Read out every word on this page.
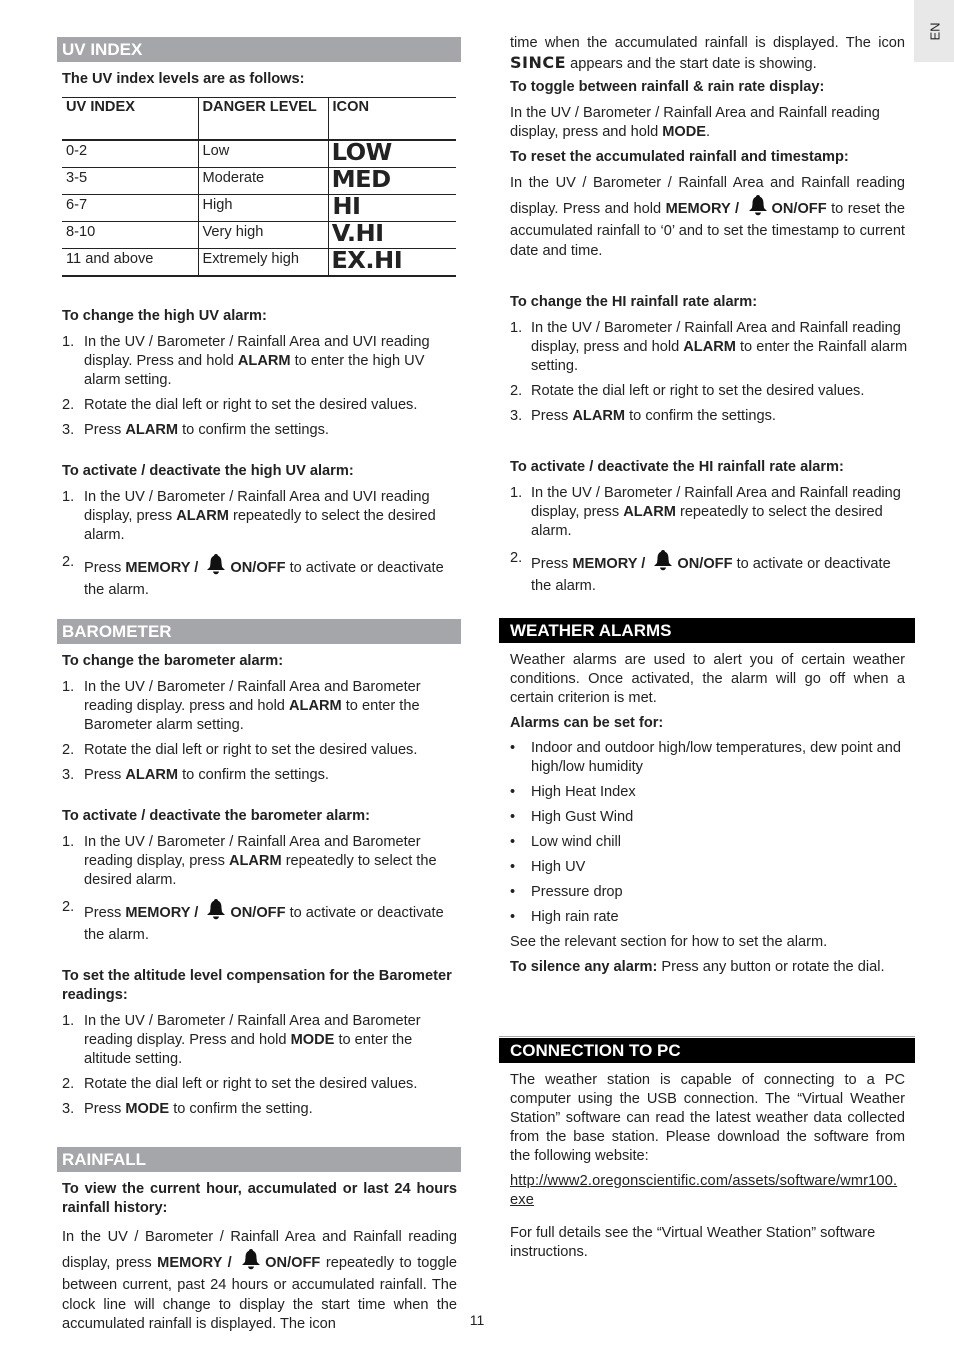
EN
UV INDEX
The UV index levels are as follows:
UV INDEX	DANGER LEVEL	ICON
0-2	Low	LOW
3-5	Moderate	MED
6-7	High	HI
8-10	Very high	V.HI
11 and above	Extremely high	EX.HI
To change the high UV alarm:
1. In the UV / Barometer / Rainfall Area and UVI reading display. Press and hold ALARM to enter the high UV alarm setting.
2. Rotate the dial left or right to set the desired values.
3. Press ALARM to confirm the settings.
To activate / deactivate the high UV alarm:
1. In the UV / Barometer / Rainfall Area and UVI reading display, press ALARM repeatedly to select the desired alarm.
2. Press MEMORY / ON/OFF to activate or deactivate the alarm.
BAROMETER
To change the barometer alarm:
1. In the UV / Barometer / Rainfall Area and Barometer reading display. press and hold ALARM to enter the Barometer alarm setting.
2. Rotate the dial left or right to set the desired values.
3. Press ALARM to confirm the settings.
To activate / deactivate the barometer alarm:
1. In the UV / Barometer / Rainfall Area and Barometer reading display, press ALARM repeatedly to select the desired alarm.
2. Press MEMORY / ON/OFF to activate or deactivate the alarm.
To set the altitude level compensation for the Barometer readings:
1. In the UV / Barometer / Rainfall Area and Barometer reading display. Press and hold MODE to enter the altitude setting.
2. Rotate the dial left or right to set the desired values.
3. Press MODE to confirm the setting.
RAINFALL
To view the current hour, accumulated or last 24 hours rainfall history:
In the UV / Barometer / Rainfall Area and Rainfall reading display, press MEMORY / ON/OFF repeatedly to toggle between current, past 24 hours or accumulated rainfall. The clock line will change to display the start time when the accumulated rainfall is displayed. The icon
time when the accumulated rainfall is displayed. The icon SINCE appears and the start date is showing.
To toggle between rainfall & rain rate display:
In the UV / Barometer / Rainfall Area and Rainfall reading display, press and hold MODE.
To reset the accumulated rainfall and timestamp:
In the UV / Barometer / Rainfall Area and Rainfall reading display. Press and hold MEMORY / ON/OFF to reset the accumulated rainfall to ‘0’ and to set the timestamp to current date and time.
To change the HI rainfall rate alarm:
1. In the UV / Barometer / Rainfall Area and Rainfall reading display, press and hold ALARM to enter the Rainfall alarm setting.
2. Rotate the dial left or right to set the desired values.
3. Press ALARM to confirm the settings.
To activate / deactivate the HI rainfall rate alarm:
1. In the UV / Barometer / Rainfall Area and Rainfall reading display, press ALARM repeatedly to select the desired alarm.
2. Press MEMORY / ON/OFF to activate or deactivate the alarm.
WEATHER ALARMS
Weather alarms are used to alert you of certain weather conditions. Once activated, the alarm will go off when a certain criterion is met.
Alarms can be set for:
• Indoor and outdoor high/low temperatures, dew point and high/low humidity
• High Heat Index
• High Gust Wind
• Low wind chill
• High UV
• Pressure drop
• High rain rate
See the relevant section for how to set the alarm.
To silence any alarm: Press any button or rotate the dial.
CONNECTION TO PC
The weather station is capable of connecting to a PC computer using the USB connection. The “Virtual Weather Station” software can read the latest weather data collected from the base station. Please download the software from the following website:
http://www2.oregonscientific.com/assets/software/wmr100.exe
For full details see the “Virtual Weather Station” software instructions.
11
